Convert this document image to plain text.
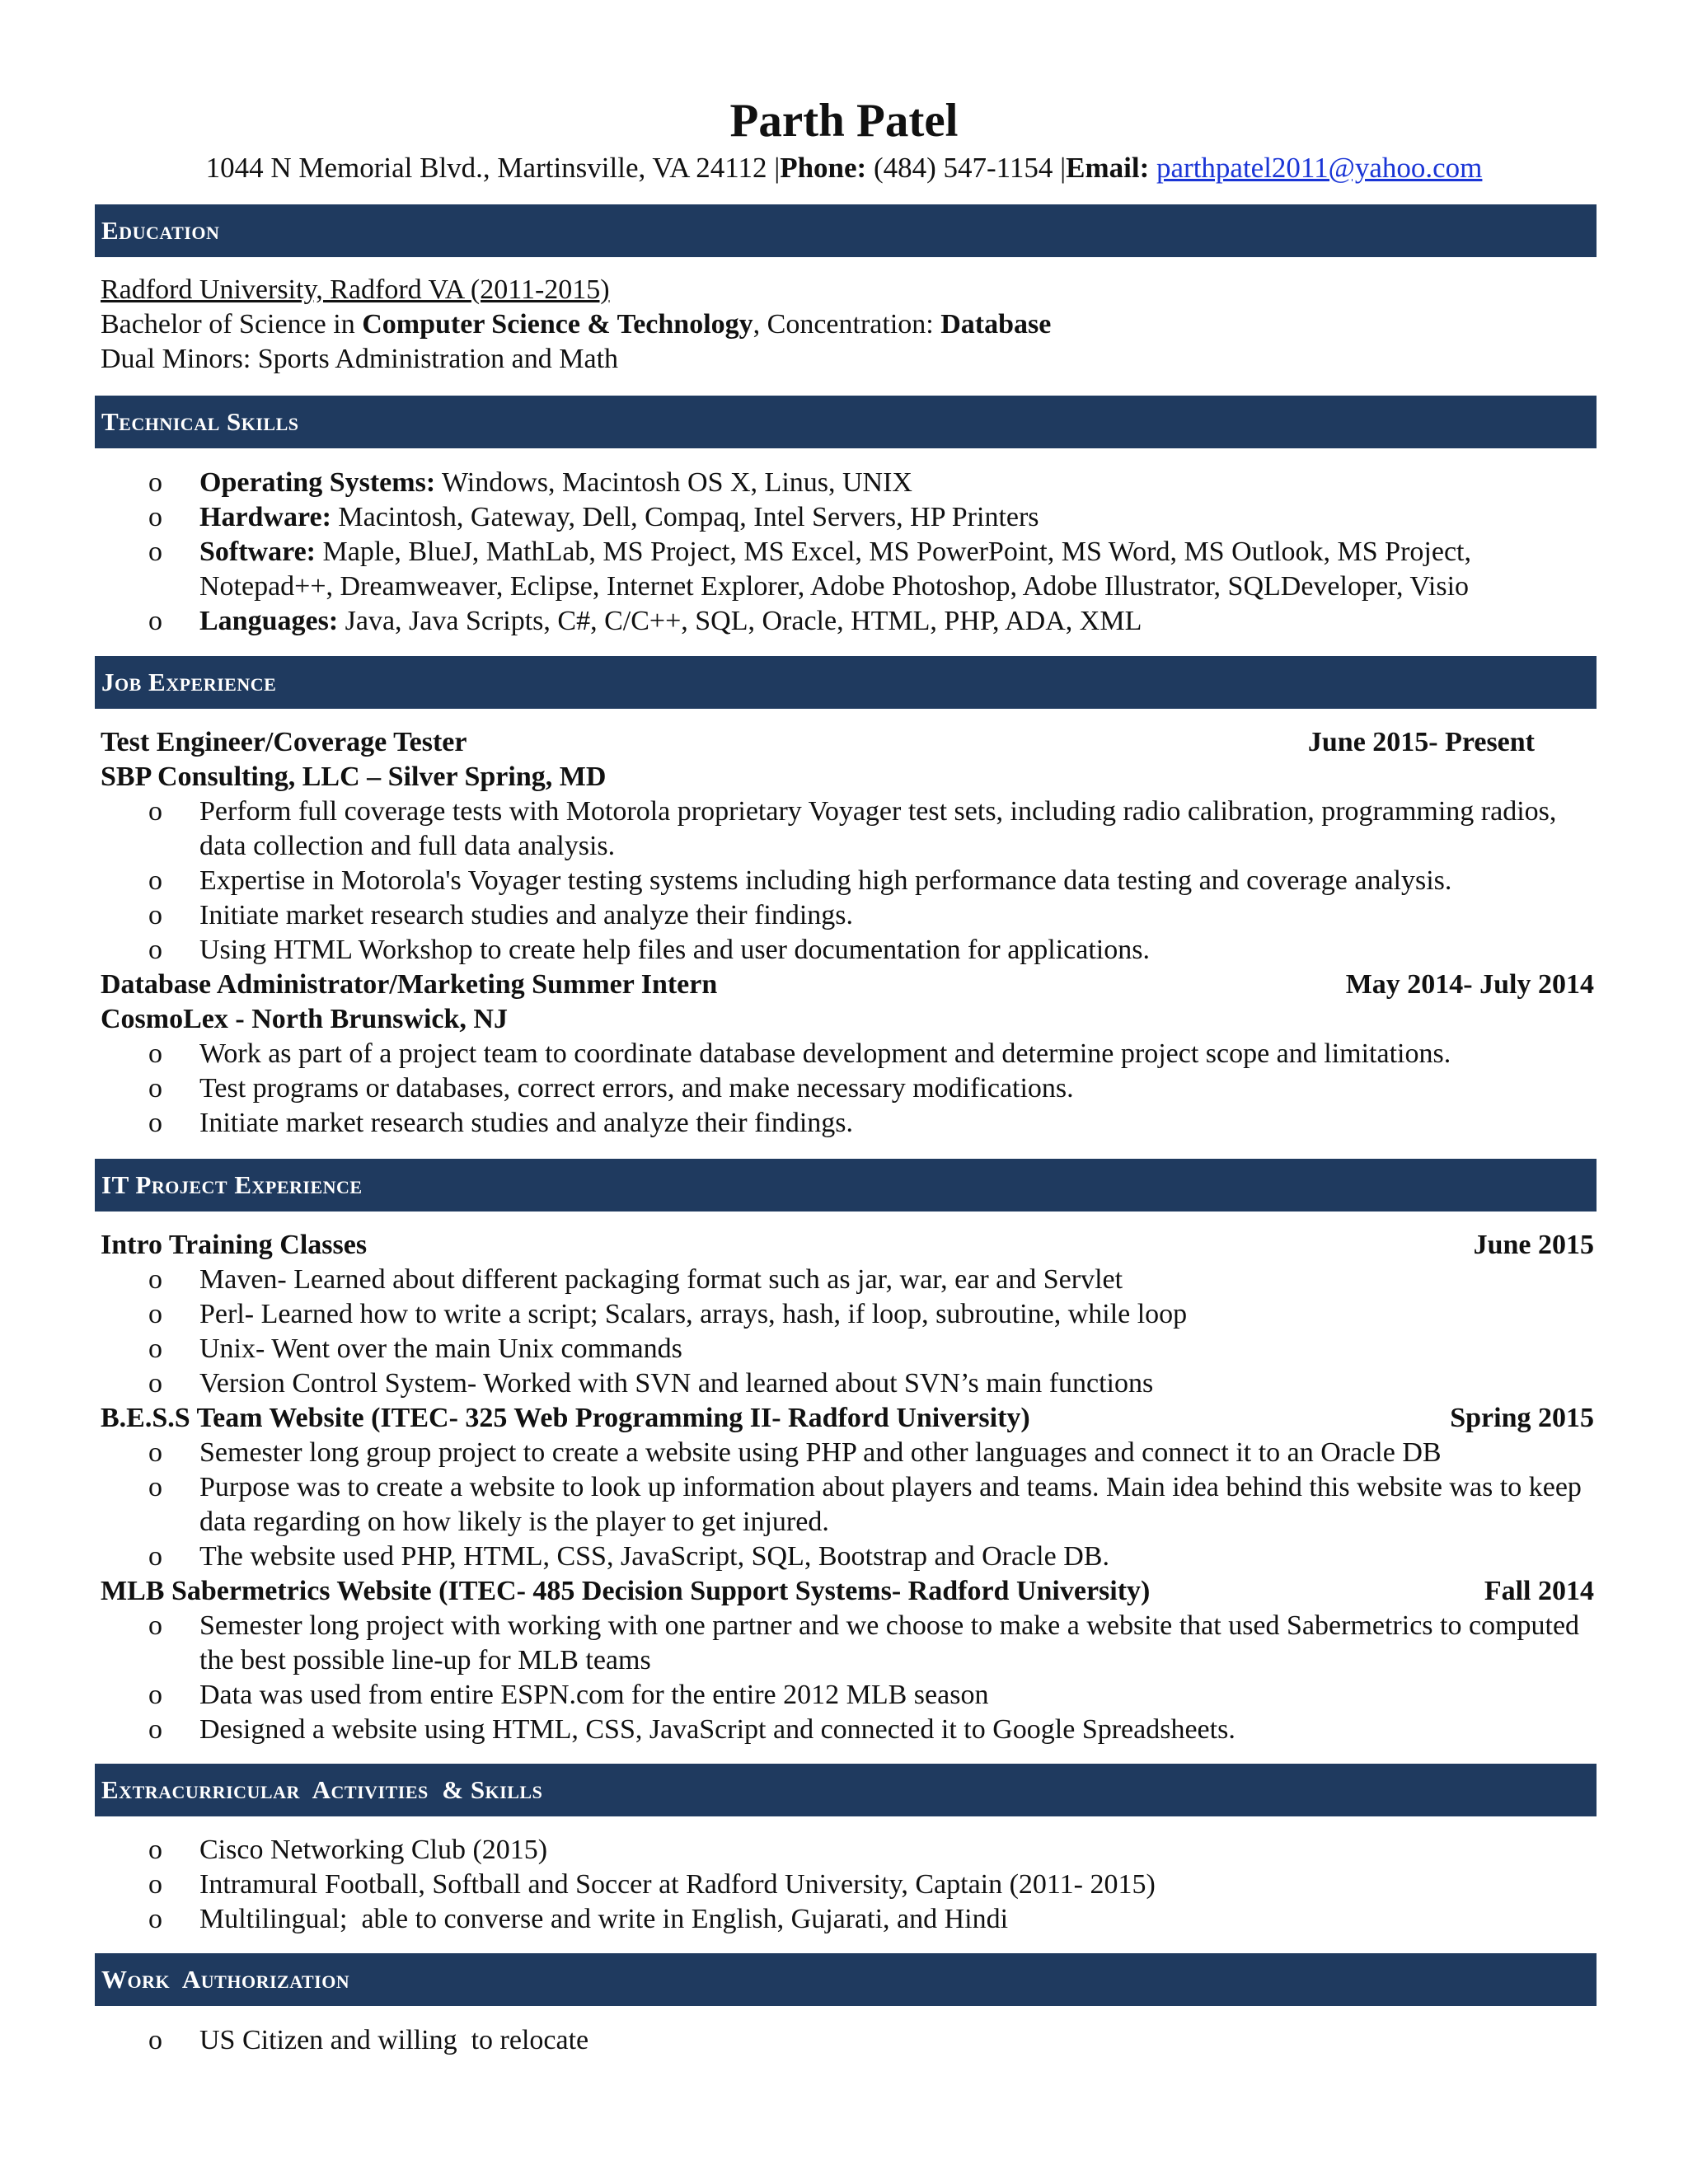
Parth Patel
1044 N Memorial Blvd., Martinsville, VA 24112 |Phone: (484) 547-1154 |Email: parthpatel2011@yahoo.com
Education
Radford University, Radford VA (2011-2015)
Bachelor of Science in Computer Science & Technology, Concentration: Database
Dual Minors: Sports Administration and Math
Technical Skills
o	Operating Systems: Windows, Macintosh OS X, Linus, UNIX
o	Hardware: Macintosh, Gateway, Dell, Compaq, Intel Servers, HP Printers
o	Software: Maple, BlueJ, MathLab, MS Project, MS Excel, MS PowerPoint, MS Word, MS Outlook, MS Project, Notepad++, Dreamweaver, Eclipse, Internet Explorer, Adobe Photoshop, Adobe Illustrator, SQLDeveloper, Visio
o	Languages: Java, Java Scripts, C#, C/C++, SQL, Oracle, HTML, PHP, ADA, XML
Job Experience
Test Engineer/Coverage Tester	June 2015- Present
SBP Consulting, LLC – Silver Spring, MD
o	Perform full coverage tests with Motorola proprietary Voyager test sets, including radio calibration, programming radios, data collection and full data analysis.
o	Expertise in Motorola's Voyager testing systems including high performance data testing and coverage analysis.
o	Initiate market research studies and analyze their findings.
o	Using HTML Workshop to create help files and user documentation for applications.
Database Administrator/Marketing Summer Intern	May 2014- July 2014
CosmoLex - North Brunswick, NJ
o	Work as part of a project team to coordinate database development and determine project scope and limitations.
o	Test programs or databases, correct errors, and make necessary modifications.
o	Initiate market research studies and analyze their findings.
IT Project Experience
Intro Training Classes	June 2015
o	Maven- Learned about different packaging format such as jar, war, ear and Servlet
o	Perl- Learned how to write a script; Scalars, arrays, hash, if loop, subroutine, while loop
o	Unix- Went over the main Unix commands
o	Version Control System- Worked with SVN and learned about SVN’s main functions
B.E.S.S Team Website (ITEC- 325 Web Programming II- Radford University)	Spring 2015
o	Semester long group project to create a website using PHP and other languages and connect it to an Oracle DB
o	Purpose was to create a website to look up information about players and teams. Main idea behind this website was to keep data regarding on how likely is the player to get injured.
o	The website used PHP, HTML, CSS, JavaScript, SQL, Bootstrap and Oracle DB.
MLB Sabermetrics Website (ITEC- 485 Decision Support Systems- Radford University)	Fall 2014
o	Semester long project with working with one partner and we choose to make a website that used Sabermetrics to computed the best possible line-up for MLB teams
o	Data was used from entire ESPN.com for the entire 2012 MLB season
o	Designed a website using HTML, CSS, JavaScript and connected it to Google Spreadsheets.
Extracurricular  Activities  & Skills
o	Cisco Networking Club (2015)
o	Intramural Football, Softball and Soccer at Radford University, Captain (2011- 2015)
o	Multilingual;  able to converse and write in English, Gujarati, and Hindi
Work  Authorization
o	US Citizen and willing  to relocate
